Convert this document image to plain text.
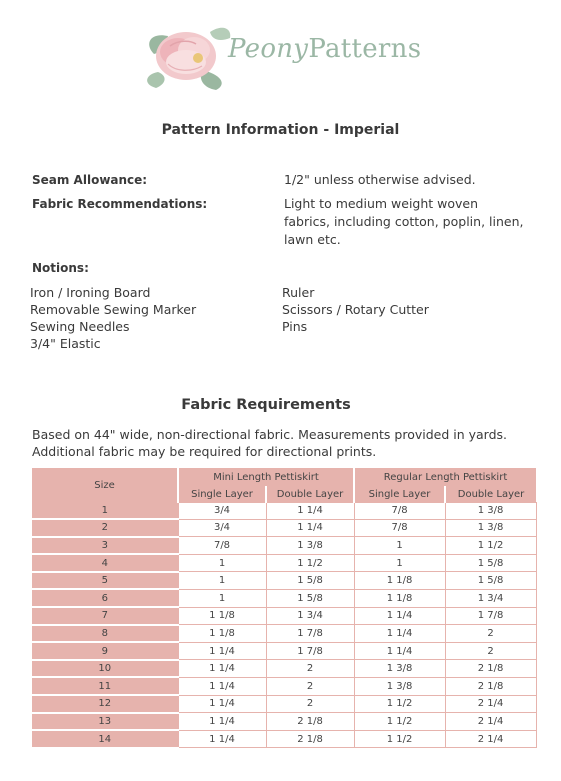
PeonyPatterns
Pattern Information - Imperial
Seam Allowance:	1/2" unless otherwise advised.
Fabric Recommendations:	Light to medium weight woven fabrics, including cotton, poplin, linen, lawn etc.
Notions:
Iron / Ironing Board
Removable Sewing Marker
Sewing Needles
3/4" Elastic
Ruler
Scissors / Rotary Cutter
Pins
Fabric Requirements
Based on 44" wide, non-directional fabric. Measurements provided in yards. Additional fabric may be required for directional prints.
Size	Mini Length Pettiskirt		Regular Length Pettiskirt	
	Single Layer	Double Layer	Single Layer	Double Layer
1	3/4	1 1/4	7/8	1 3/8
2	3/4	1 1/4	7/8	1 3/8
3	7/8	1 3/8	1	1 1/2
4	1	1 1/2	1	1 5/8
5	1	1 5/8	1 1/8	1 5/8
6	1	1 5/8	1 1/8	1 3/4
7	1 1/8	1 3/4	1 1/4	1 7/8
8	1 1/8	1 7/8	1 1/4	2
9	1 1/4	1 7/8	1 1/4	2
10	1 1/4	2	1 3/8	2 1/8
11	1 1/4	2	1 3/8	2 1/8
12	1 1/4	2	1 1/2	2 1/4
13	1 1/4	2 1/8	1 1/2	2 1/4
14	1 1/4	2 1/8	1 1/2	2 1/4
